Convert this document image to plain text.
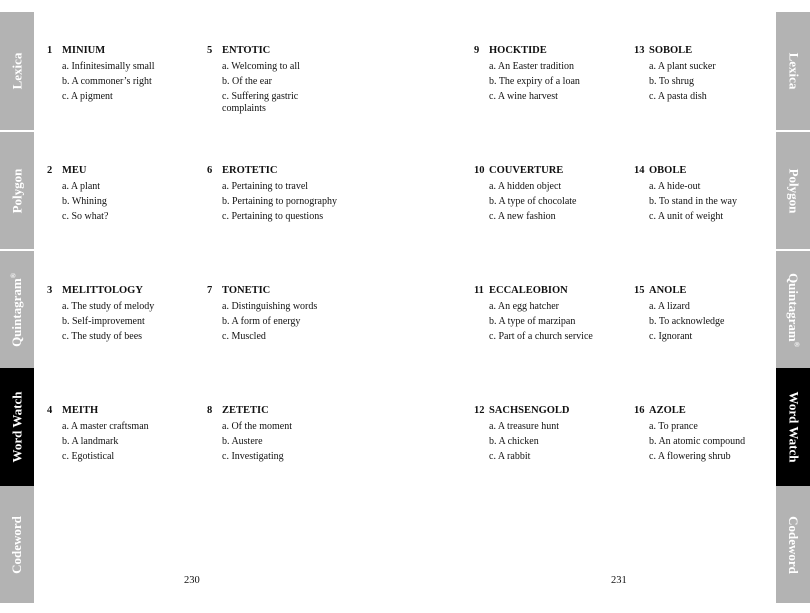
Lexica
Polygon
Quintagram®
Word Watch
Codeword
Lexica
Polygon
Quintagram®
Word Watch
Codeword
1 MINIUM
a. Infinitesimally small
b. A commoner’s right
c. A pigment
2 MEU
a. A plant
b. Whining
c. So what?
3 MELITTOLOGY
a. The study of melody
b. Self-improvement
c. The study of bees
4 MEITH
a. A master craftsman
b. A landmark
c. Egotistical
5 ENTOTIC
a. Welcoming to all
b. Of the ear
c. Suffering gastric complaints
6 EROTETIC
a. Pertaining to travel
b. Pertaining to pornography
c. Pertaining to questions
7 TONETIC
a. Distinguishing words
b. A form of energy
c. Muscled
8 ZETETIC
a. Of the moment
b. Austere
c. Investigating
9 HOCKTIDE
a. An Easter tradition
b. The expiry of a loan
c. A wine harvest
10 COUVERTURE
a. A hidden object
b. A type of chocolate
c. A new fashion
11 ECCALEOBION
a. An egg hatcher
b. A type of marzipan
c. Part of a church service
12 SACHSENGOLD
a. A treasure hunt
b. A chicken
c. A rabbit
13 SOBOLE
a. A plant sucker
b. To shrug
c. A pasta dish
14 OBOLE
a. A hide-out
b. To stand in the way
c. A unit of weight
15 ANOLE
a. A lizard
b. To acknowledge
c. Ignorant
16 AZOLE
a. To prance
b. An atomic compound
c. A flowering shrub
230	231
